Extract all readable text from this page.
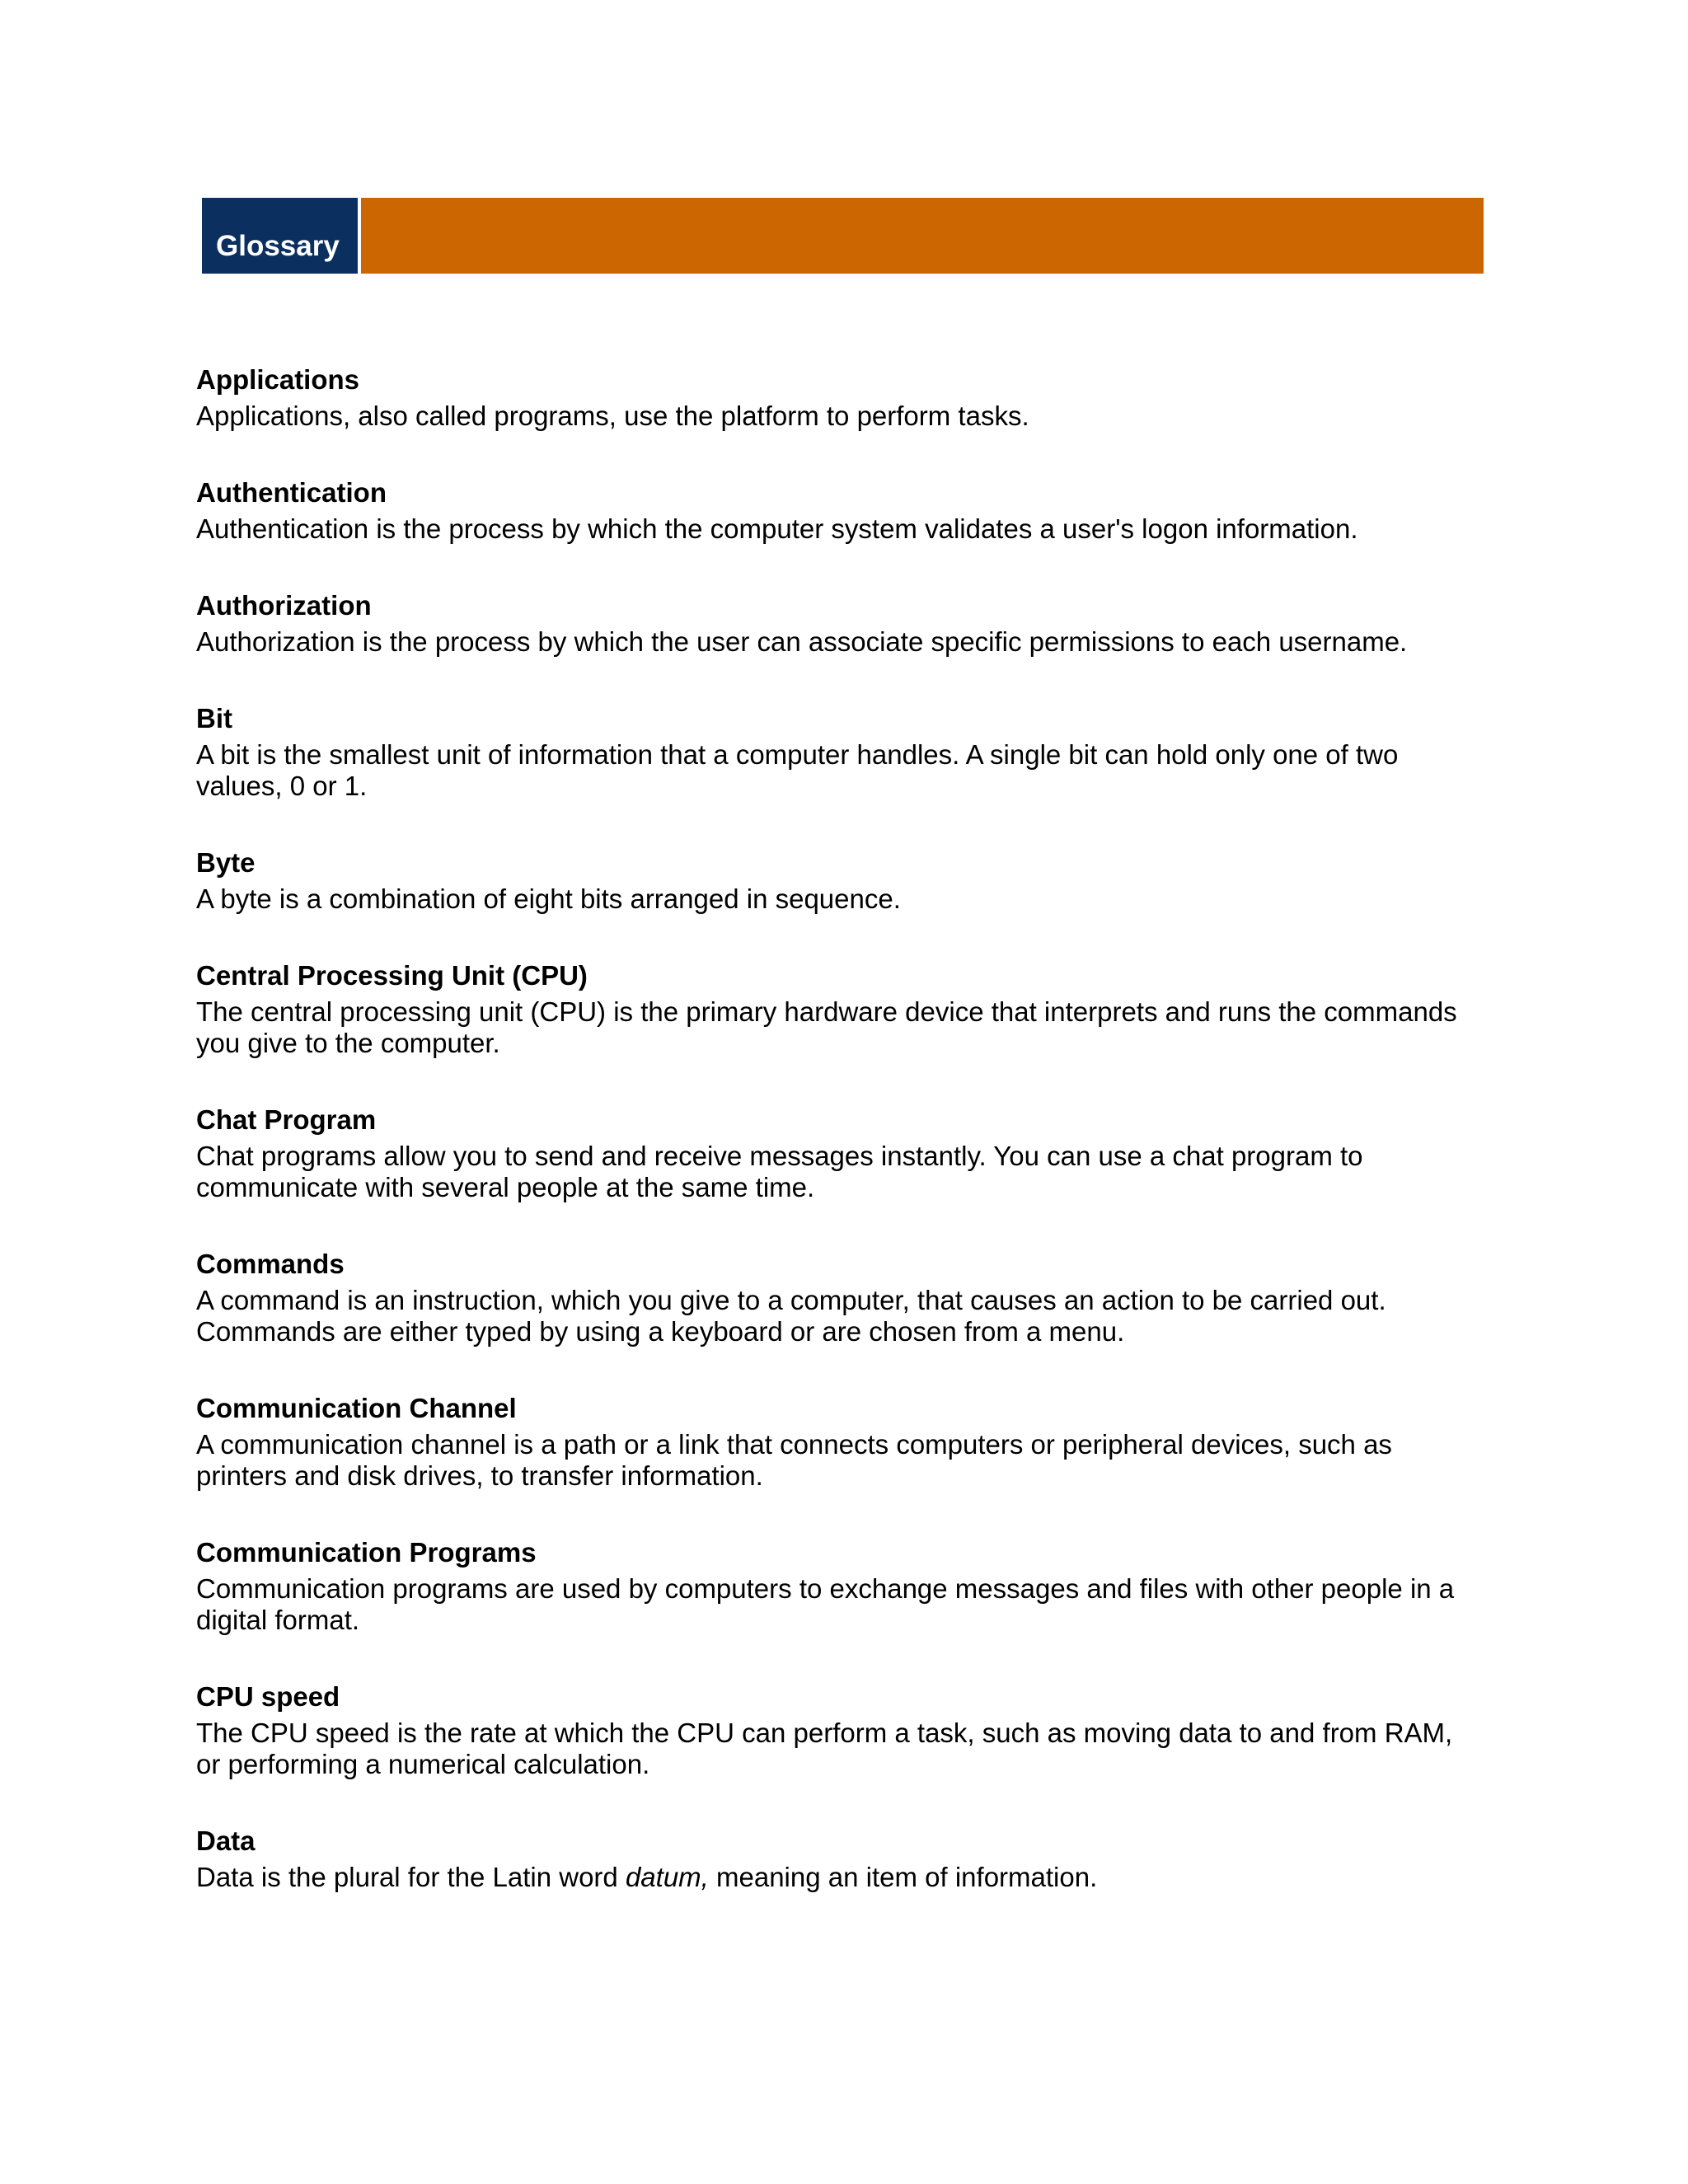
Glossary

Applications

Applications, also called programs, use the platform to perform tasks.

Authentication

Authentication is the process by which the computer system validates a user's logon information.

Authorization

Authorization is the process by which the user can associate specific permissions to each username.

Bit

A bit is the smallest unit of information that a computer handles. A single bit can hold only one of two values, 0 or 1.

Byte

A byte is a combination of eight bits arranged in sequence.

Central Processing Unit (CPU)

The central processing unit (CPU) is the primary hardware device that interprets and runs the commands you give to the computer.

Chat Program

Chat programs allow you to send and receive messages instantly. You can use a chat program to communicate with several people at the same time.

Commands

A command is an instruction, which you give to a computer, that causes an action to be carried out. Commands are either typed by using a keyboard or are chosen from a menu.

Communication Channel

A communication channel is a path or a link that connects computers or peripheral devices, such as printers and disk drives, to transfer information.

Communication Programs

Communication programs are used by computers to exchange messages and files with other people in a digital format.

CPU speed

The CPU speed is the rate at which the CPU can perform a task, such as moving data to and from RAM, or performing a numerical calculation.

Data

Data is the plural for the Latin word datum, meaning an item of information.
